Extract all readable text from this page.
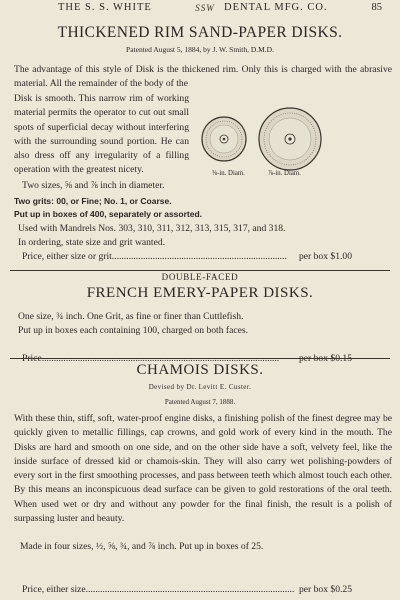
THE S. S. WHITE	SSW DENTAL MFG. CO.	85
THICKENED RIM SAND-PAPER DISKS.
Patented August 5, 1884, by J. W. Smith, D.M.D.
The advantage of this style of Disk is the thickened rim. Only this is charged with the abrasive material. All the remainder of the body of the
Disk is smooth. This narrow rim of working material permits the operator to cut out small spots of superficial decay without interfering with the surrounding sound portion. He can also dress off any irregularity of a filling operation with the greatest nicety.	⅝-in. Diam.	⅞-in. Diam.
Two sizes, ⅝ and ⅞ inch in diameter.
Two grits: 00, or Fine; No. 1, or Coarse.
Put up in boxes of 400, separately or assorted.
Used with Mandrels Nos. 303, 310, 311, 312, 313, 315, 317, and 318.
In ordering, state size and grit wanted.
Price, either size or grit......................................................................... per box $1.00
DOUBLE-FACED
FRENCH EMERY-PAPER DISKS.
One size, ¾ inch. One Grit, as fine or finer than Cuttlefish.
Put up in boxes each containing 100, charged on both faces.
CHAMOIS DISKS.
Devised by Dr. Levitt E. Custer.
Patented August 7, 1888.
With these thin, stiff, soft, water-proof engine disks, a finishing polish of the finest degree may be quickly given to metallic fillings, cap crowns, and gold work of every kind in the mouth. The Disks are hard and smooth on one side, and on the other side have a soft, velvety feel, like the inside surface of dressed kid or chamois-skin. They will also carry wet polishing-powders of every sort in the first smoothing processes, and pass between teeth which almost touch each other. By this means an inconspicuous dead surface can be given to gold restorations of the oral teeth. When used wet or dry and without any powder for the final finish, the result is a polish of surpassing luster and beauty.
Made in four sizes, ½, ⅝, ¾, and ⅞ inch. Put up in boxes of 25.
Price, either size....................................................................................... per box $0.25
